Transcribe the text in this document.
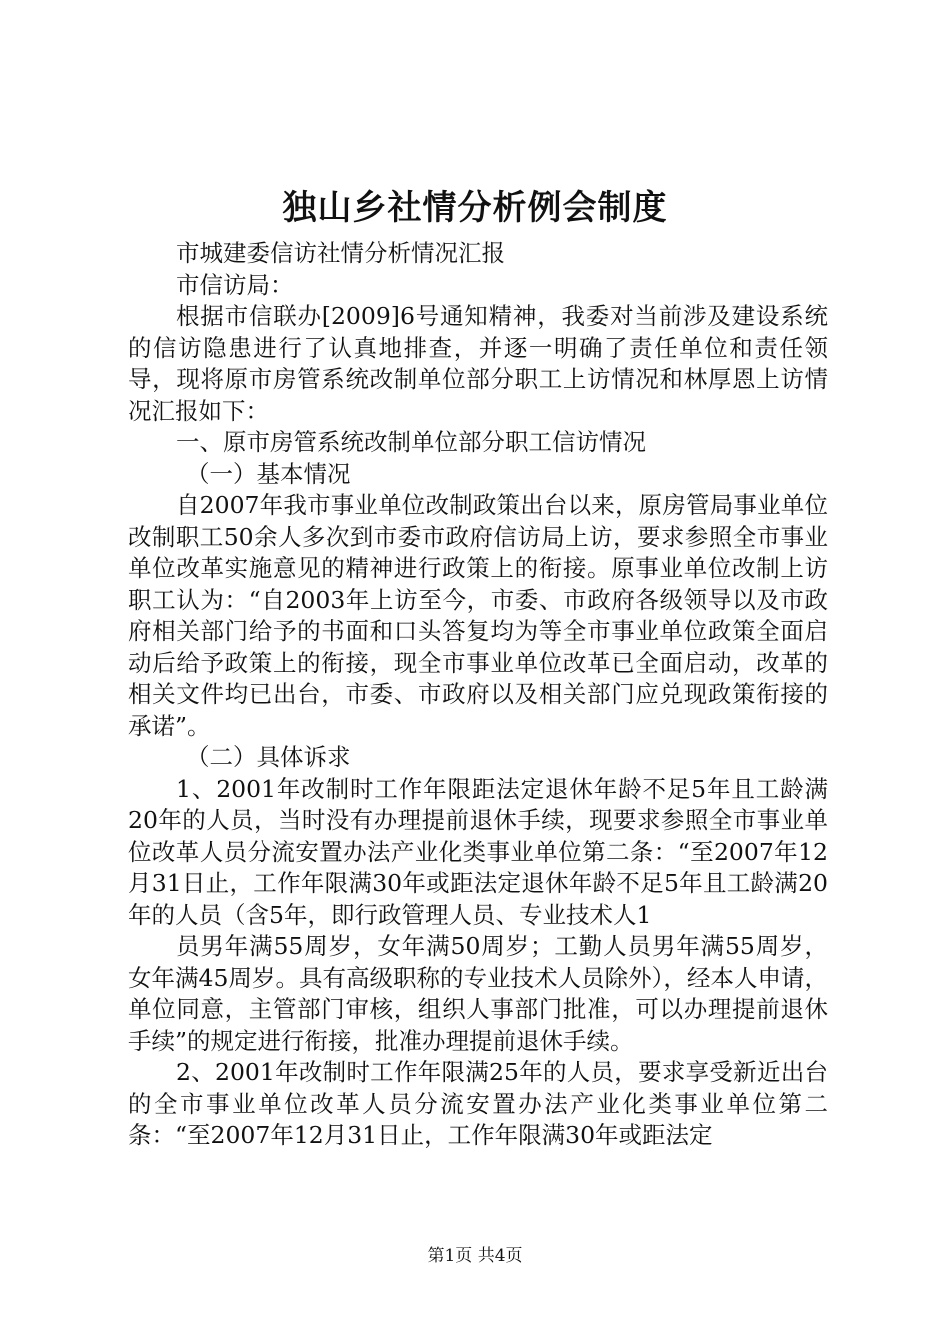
独山乡社情分析例会制度
市城建委信访社情分析情况汇报
市信访局：

根据市信联办[2009]6号通知精神，我委对当前涉及建设系统的信访隐患进行了认真地排查，并逐一明确了责任单位和责任领导，现将原市房管系统改制单位部分职工上访情况和林厚恩上访情况汇报如下：

一、原市房管系统改制单位部分职工信访情况
（一）基本情况

自2007年我市事业单位改制政策出台以来，原房管局事业单位改制职工50余人多次到市委市政府信访局上访，要求参照全市事业单位改革实施意见的精神进行政策上的衔接。原事业单位改制上访职工认为：“自2003年上访至今，市委、市政府各级领导以及市政府相关部门给予的书面和口头答复均为等全市事业单位政策全面启动后给予政策上的衔接，现全市事业单位改革已全面启动，改革的相关文件均已出台，市委、市政府以及相关部门应兑现政策衔接的承诺”。

（二）具体诉求

1、2001年改制时工作年限距法定退休年龄不足5年且工龄满20年的人员，当时没有办理提前退休手续，现要求参照全市事业单位改革人员分流安置办法产业化类事业单位第二条：“至2007年12月31日止，工作年限满30年或距法定退休年龄不足5年且工龄满20年的人员（含5年，即行政管理人员、专业技术人1

员男年满55周岁，女年满50周岁；工勤人员男年满55周岁，女年满45周岁。具有高级职称的专业技术人员除外），经本人申请，单位同意，主管部门审核，组织人事部门批准，可以办理提前退休手续”的规定进行衔接，批准办理提前退休手续。

2、2001年改制时工作年限满25年的人员，要求享受新近出台的全市事业单位改革人员分流安置办法产业化类事业单位第二条：“至2007年12月31日止，工作年限满30年或距法定

第1页 共4页
